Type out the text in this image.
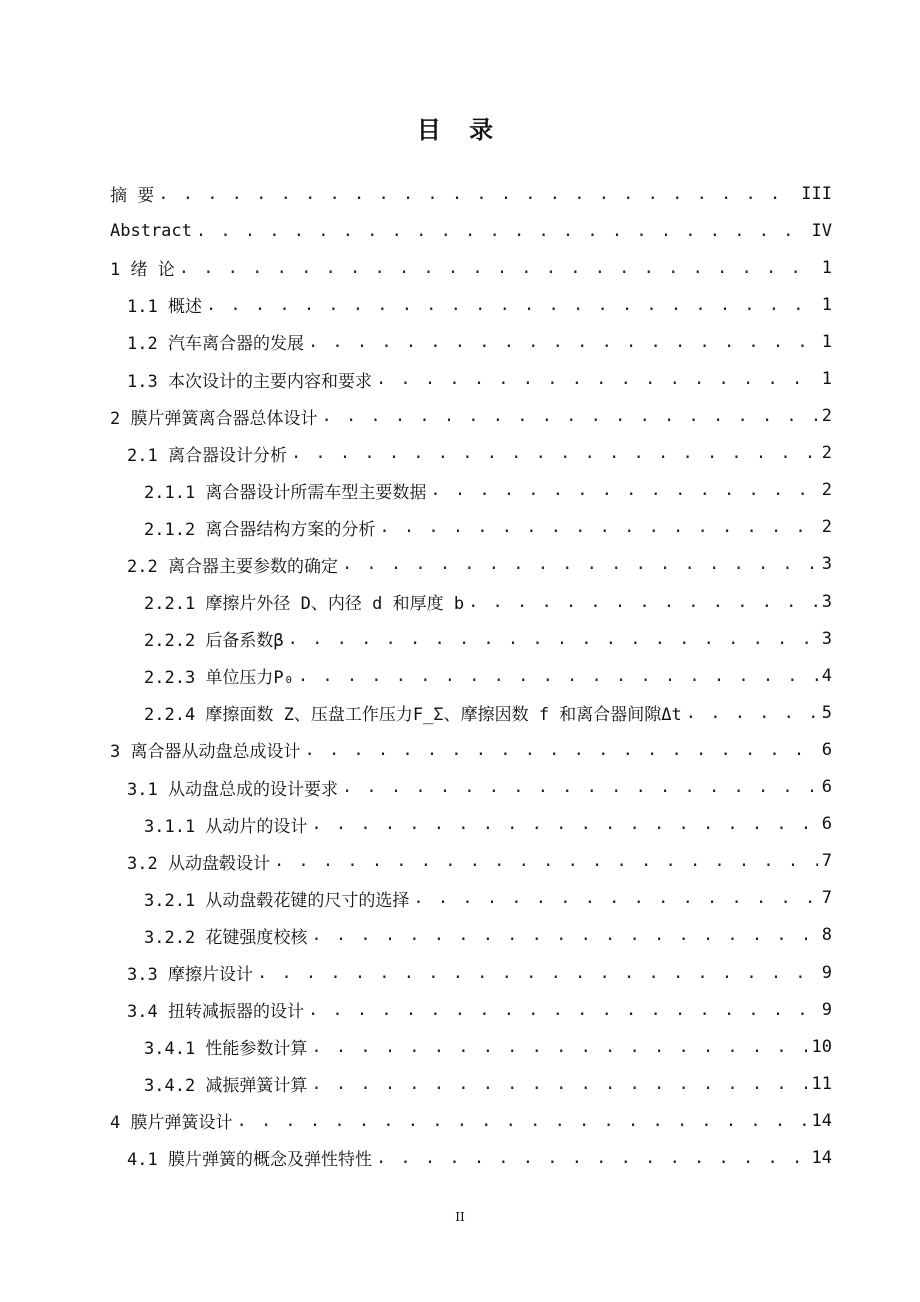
目 录
摘 要 . . .	III
Abstract . . .	IV
1 绪 论 . . .	1
1.1 概述 . . .	1
1.2 汽车离合器的发展 . . .	1
1.3 本次设计的主要内容和要求 . . .	1
2 膜片弹簧离合器总体设计 . . .	2
2.1 离合器设计分析 . . .	2
2.1.1 离合器设计所需车型主要数据 . . .	2
2.1.2 离合器结构方案的分析 . . .	2
2.2 离合器主要参数的确定 . . .	3
2.2.1 摩擦片外径 D、内径 d 和厚度 b . . .	3
2.2.2 后备系数β . . .	3
2.2.3 单位压力P₀ . . .	4
2.2.4 摩擦面数 Z、压盘工作压力F_Σ、摩擦因数 f 和离合器间隙Δt . . .	5
3 离合器从动盘总成设计 . . .	6
3.1 从动盘总成的设计要求 . . .	6
3.1.1 从动片的设计 . . .	6
3.2 从动盘毂设计 . . .	7
3.2.1 从动盘毂花键的尺寸的选择 . . .	7
3.2.2 花键强度校核 . . .	8
3.3 摩擦片设计 . . .	9
3.4 扭转减振器的设计 . . .	9
3.4.1 性能参数计算 . . .	10
3.4.2 减振弹簧计算 . . .	11
4 膜片弹簧设计 . . .	14
4.1 膜片弹簧的概念及弹性特性 . . .	14
II
